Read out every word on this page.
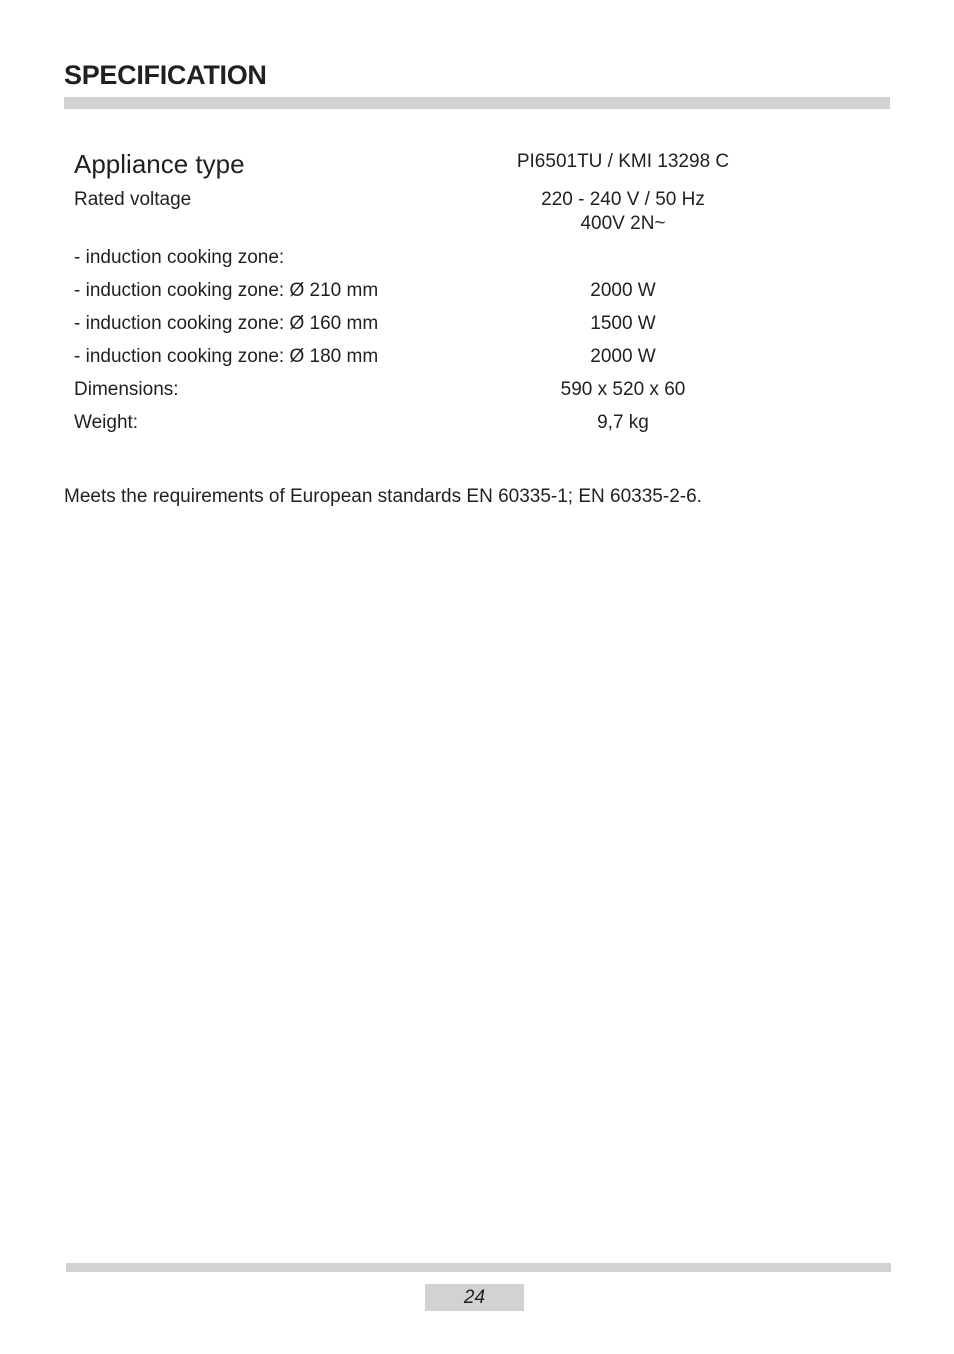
SPECIFICATION
Appliance type	PI6501TU / KMI 13298 C
Rated voltage	220 - 240 V / 50 Hz
400V 2N~
- induction cooking zone:
- induction cooking zone: Ø 210 mm	2000 W
- induction cooking zone: Ø 160 mm	1500 W
- induction cooking zone: Ø 180 mm	2000 W
Dimensions:	590 x 520 x 60
Weight:	9,7 kg
Meets the requirements of European standards EN 60335-1; EN 60335-2-6.
24
